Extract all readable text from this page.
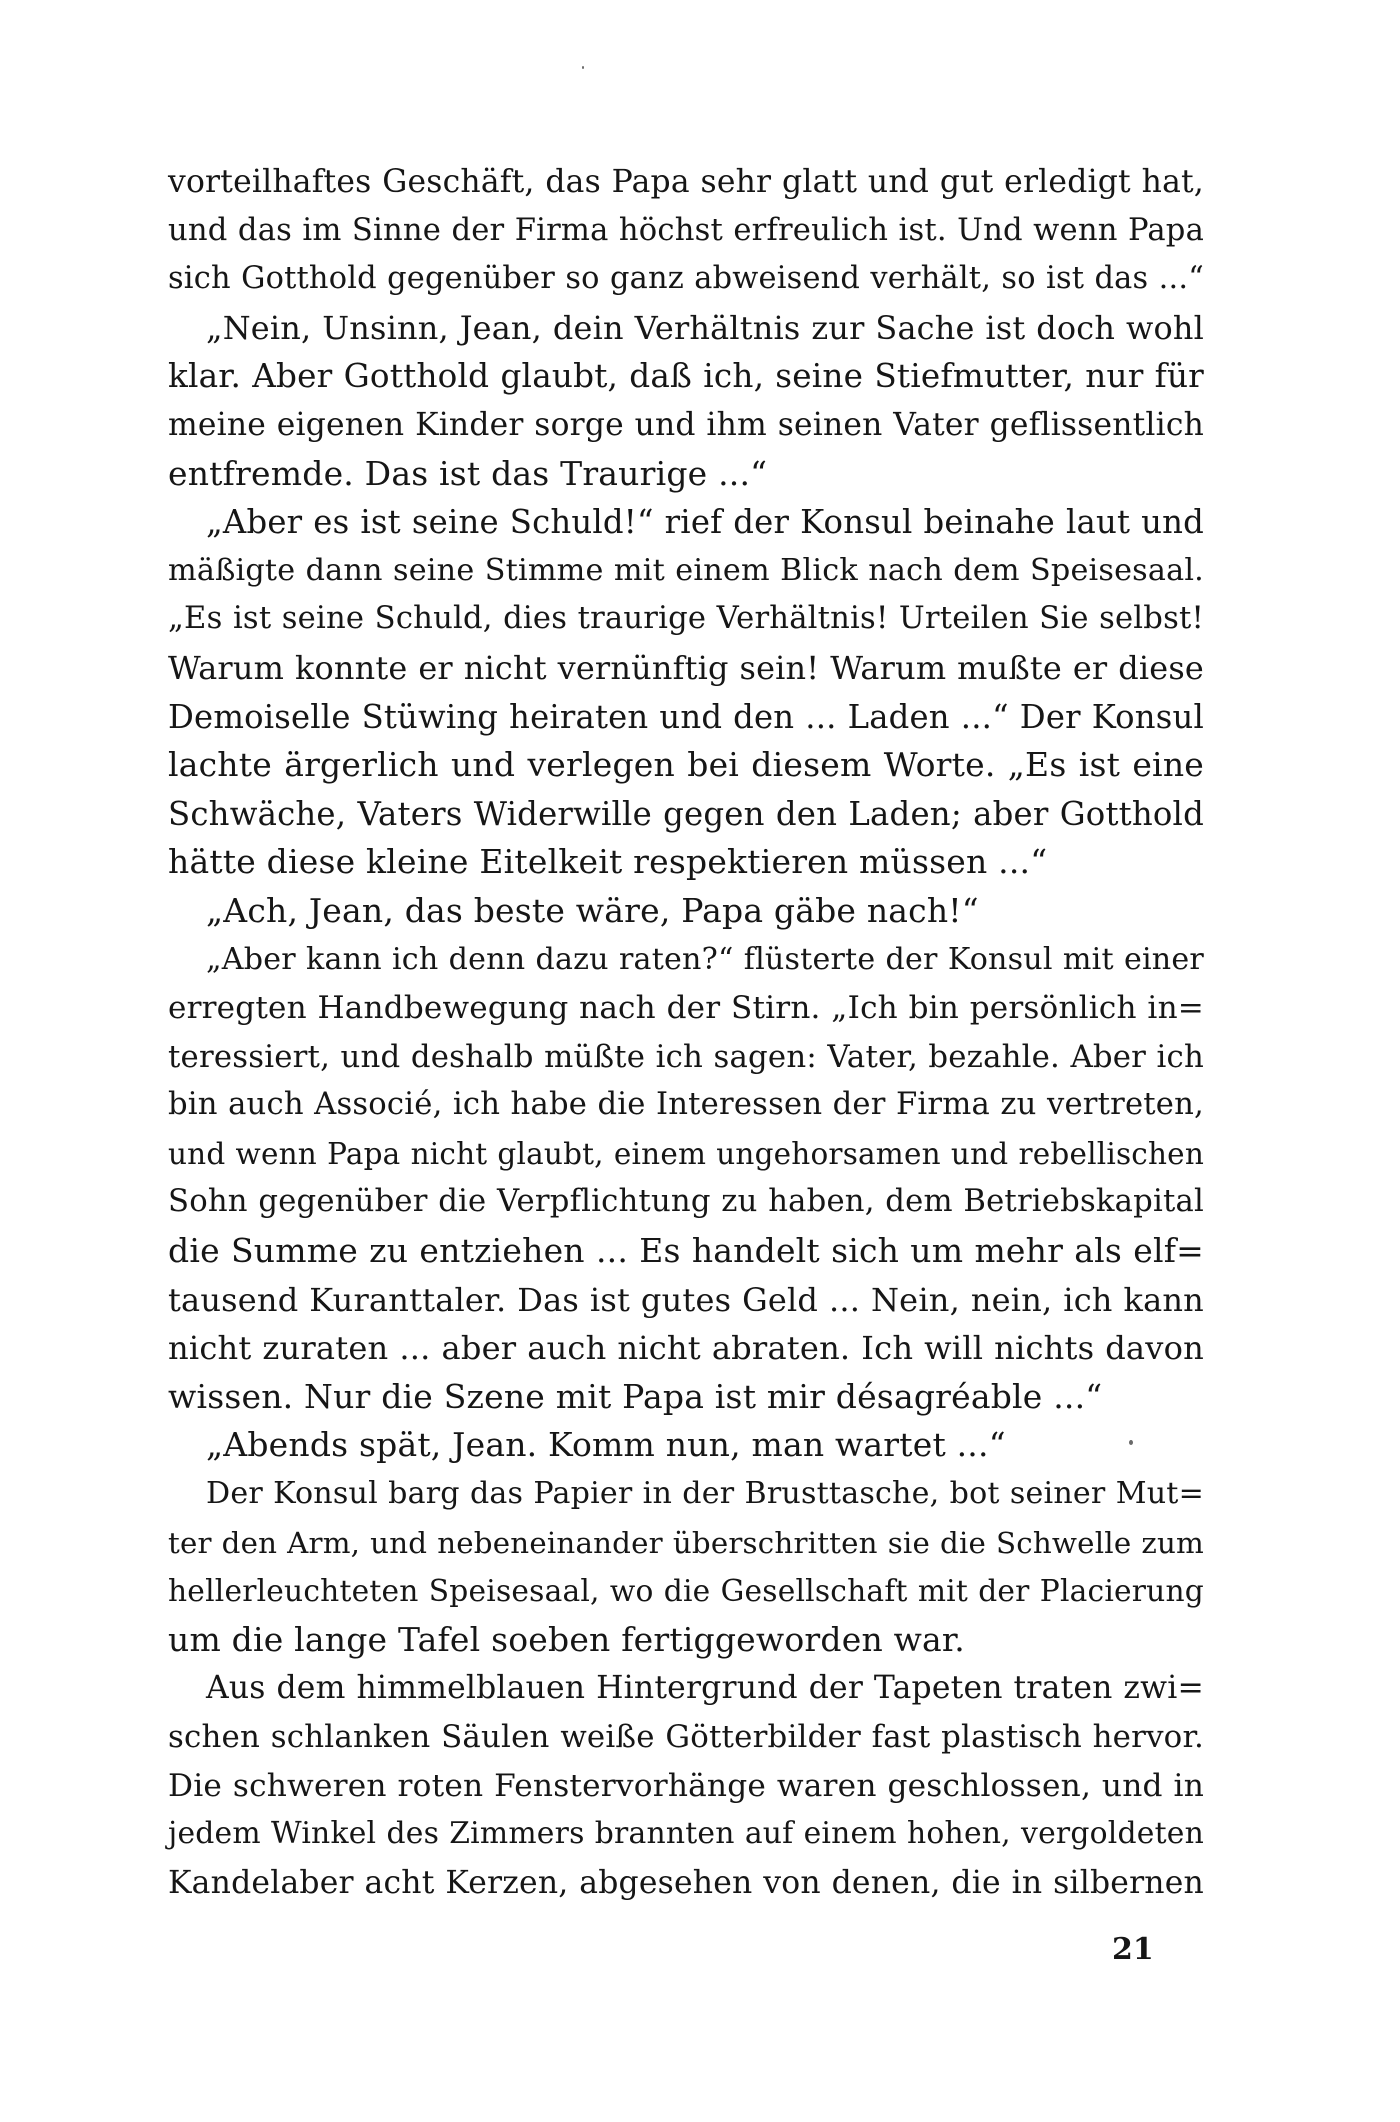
vorteilhaftes Geschäft, das Papa sehr glatt und gut erledigt hat,
und das im Sinne der Firma höchst erfreulich ist. Und wenn Papa
sich Gotthold gegenüber so ganz abweisend verhält, so ist das ...“
„Nein, Unsinn, Jean, dein Verhältnis zur Sache ist doch wohl
klar. Aber Gotthold glaubt, daß ich, seine Stiefmutter, nur für
meine eigenen Kinder sorge und ihm seinen Vater geflissentlich
entfremde. Das ist das Traurige ...“
„Aber es ist seine Schuld!“ rief der Konsul beinahe laut und
mäßigte dann seine Stimme mit einem Blick nach dem Speisesaal.
„Es ist seine Schuld, dies traurige Verhältnis! Urteilen Sie selbst!
Warum konnte er nicht vernünftig sein! Warum mußte er diese
Demoiselle Stüwing heiraten und den ... Laden ...“ Der Konsul
lachte ärgerlich und verlegen bei diesem Worte. „Es ist eine
Schwäche, Vaters Widerwille gegen den Laden; aber Gotthold
hätte diese kleine Eitelkeit respektieren müssen ...“
„Ach, Jean, das beste wäre, Papa gäbe nach!“
„Aber kann ich denn dazu raten?“ flüsterte der Konsul mit einer
erregten Handbewegung nach der Stirn. „Ich bin persönlich in=
teressiert, und deshalb müßte ich sagen: Vater, bezahle. Aber ich
bin auch Associé, ich habe die Interessen der Firma zu vertreten,
und wenn Papa nicht glaubt, einem ungehorsamen und rebellischen
Sohn gegenüber die Verpflichtung zu haben, dem Betriebskapital
die Summe zu entziehen ... Es handelt sich um mehr als elf=
tausend Kuranttaler. Das ist gutes Geld ... Nein, nein, ich kann
nicht zuraten ... aber auch nicht abraten. Ich will nichts davon
wissen. Nur die Szene mit Papa ist mir désagréable ...“
„Abends spät, Jean. Komm nun, man wartet ...“
Der Konsul barg das Papier in der Brusttasche, bot seiner Mut=
ter den Arm, und nebeneinander überschritten sie die Schwelle zum
hellerleuchteten Speisesaal, wo die Gesellschaft mit der Placierung
um die lange Tafel soeben fertiggeworden war.
Aus dem himmelblauen Hintergrund der Tapeten traten zwi=
schen schlanken Säulen weiße Götterbilder fast plastisch hervor.
Die schweren roten Fenstervorhänge waren geschlossen, und in
jedem Winkel des Zimmers brannten auf einem hohen, vergoldeten
Kandelaber acht Kerzen, abgesehen von denen, die in silbernen
21
